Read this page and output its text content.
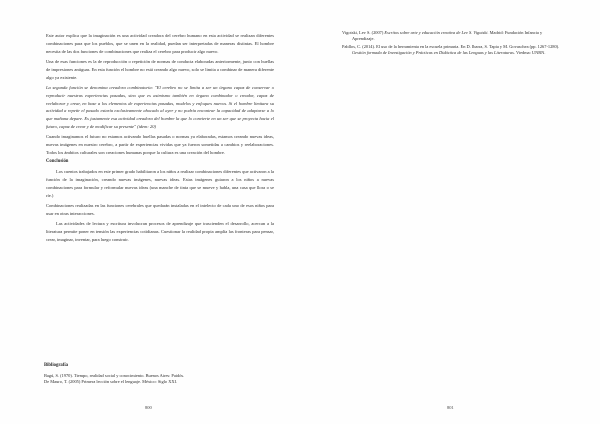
Este autor explica que la imaginación es una actividad creadora del cerebro humano en esta actividad se realizan diferentes combinaciones para que los pueblos, que se unen en la realidad, puedan ser interpretadas de maneras distintas. El hombre necesita de las dos funciones de combinaciones que realiza el cerebro para producir algo nuevo.

Una de esas funciones es la de reproducción o repetición de normas de conducta elaboradas anteriormente, junto con huellas de impresiones antiguas. En esta función el hombre no está creando algo nuevo, solo se limita a combinar de manera diferente algo ya existente.

La segunda función se denomina creadora combinatoria: "El cerebro no se limita a ser un órgano capaz de conservar o reproducir nuestras experiencias pasadas, sino que es asimismo también en órgano combinador o creador, capaz de reelaborar y crear, en base a los elementos de experiencias pasadas, modelos y enfoques nuevos. Si el hombre limitara su actividad a repetir el pasado estaría exclusivamente ahocado al ayer y no podría encontrar la capacidad de adaptarse a lo que mañana depare. Es justamente esa actividad creadora del hombre la que lo convierte en un ser que se proyecta hacia el futuro, capaz de crear y de modificar su presente" (idem: 20)

Cuando imaginamos el futuro no estamos activando huellas pasadas o normas ya elaboradas, estamos creando nuevas ideas, nuevas imágenes en nuestro cerebro, a partir de experiencias vividas que ya fueron sometidas a cambios y reelaboraciones. Todos los ámbitos culturales son creaciones humanas porque la cultura es una creación del hombre.

Conclusión

Los cuentos trabajados en este primer grado habilitaron a los niños a realizar combinaciones diferentes que activaron a la función de la imaginación, creando nuevas imágenes, nuevas ideas. Estas imágenes guiaron a los niños a nuevas combinaciones para formular y reformular nuevas ideas (una manche de tinta que se mueve y habla, una casa que llora o se ríe.)

Combinaciones realizadas en las funciones cerebrales que quedarán instaladas en el intelecto de cada uno de esos niños para usar en otras interacciones.

Las actividades de lectura y escritura involucran procesos de aprendizaje que trascienden el desarrollo, acercan a la literatura permite poner en tensión las experiencias cotidianas. Cuestionar la realidad propia amplía las fronteras para pensar, crear, imaginar, inventar, para luego construir.

Bibliografía
Bagú, S. (1970). Tiempo, realidad social y conocimiento. Buenos Aires: Paidós.
De Mauro, T. (2005) Primera lección sobre el lenguaje. México: Siglo XXI.
800

Vigotski, Lev S. (2007) Escritos sobre arte y educación creativa de Lev S. Vigotski. Madrid: Fundación Infancia y Aprendizaje.

Pabllos, C. (2014). El uso de la herramienta en la escuela primaria. En D. Ibarra, S. Tapia y M. Govaschea (pp. 1267-1280). Gestión formada de Investigación y Prácticas en Didáctica de las Lenguas y las Literaturas. Viedma: UNRN.

801
